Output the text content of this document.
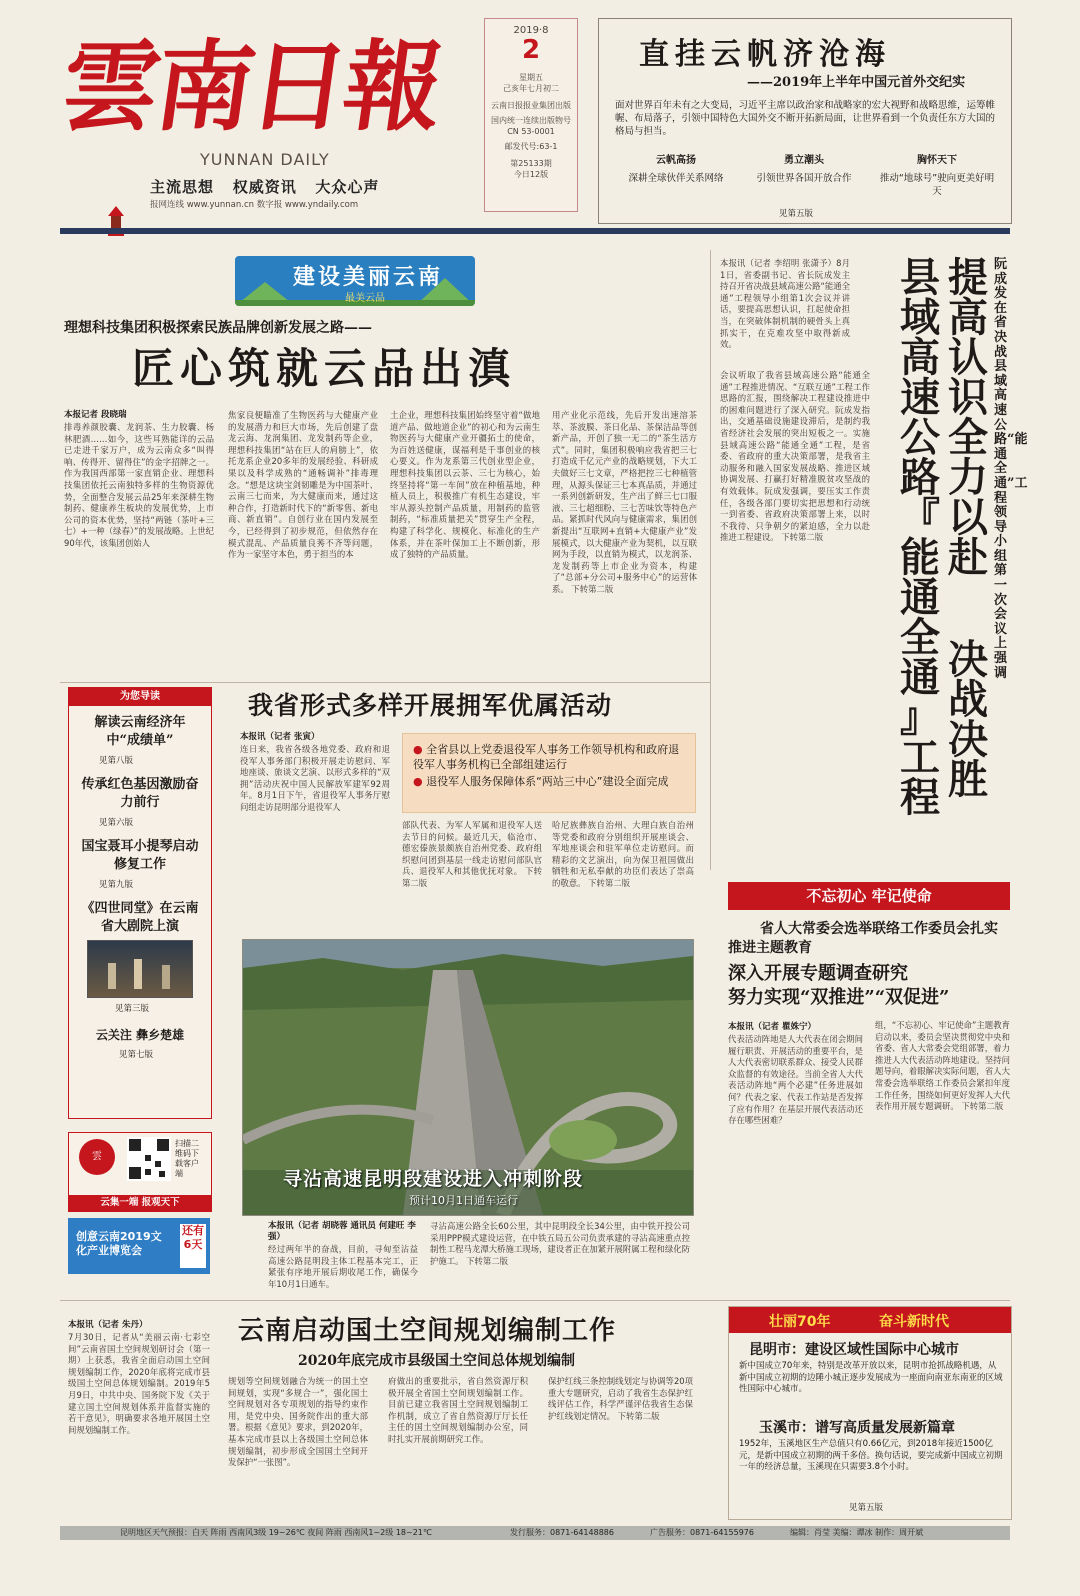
雲南日報
YUNNAN DAILY
主流思想 权威资讯 大众心声
报网连线 www.yunnan.cn 数字报 www.yndaily.com
2019·8
2
星期五
己亥年七月初二
云南日报报业集团出版
国内统一连续出版物号
CN 53-0001
邮发代号:63-1
第25133期
今日12版
直挂云帆济沧海
——2019年上半年中国元首外交纪实
面对世界百年未有之大变局，习近平主席以政治家和战略家的宏大视野和战略思维，运筹帷幄、布局落子，引领中国特色大国外交不断开拓新局面，让世界看到一个负责任东方大国的格局与担当。
云帆高扬
深耕全球伙伴关系网络
勇立潮头
引领世界各国开放合作
胸怀天下
推动“地球号”驶向更美好明天
见第五版
建设美丽云南
最美云品
理想科技集团积极探索民族品牌创新发展之路——
匠心筑就云品出滇
本报记者 段晓瑞
排毒养颜胶囊、龙润茶、生力胶囊、杨林肥酒……如今，这些耳熟能详的云品已走进千家万户，成为云南众多“叫得响、传得开、留得住”的金字招牌之一。作为我国西部第一家直销企业、理想科技集团依托云南独特多样的生物资源优势，全面整合发展云品25年来深耕生物制药、健康养生板块的发展优势，上市公司的资本优势，坚持“两链（茶叶+三七）+一种（绿春）”的发展战略。上世纪90年代，该集团创始人
焦家良便瞄准了生物医药与大健康产业的发展潜力和巨大市场，先后创建了盘龙云海、龙润集团、龙发制药等企业，理想科技集团“站在巨人的肩膀上”，依托龙系企业20多年的发展经验、科研成果以及科学成熟的“通畅调补”排毒理念。“想是这块宝剑韧雕是为中国茶叶、云南三七而来，为大健康而来，通过这种合作，打造新时代下的“新零售、新电商、新直销”。自创行业在国内发展至今，已经得到了初步规范，但依然存在模式混乱、产品质量良莠不齐等问题，作为一家坚守本色，勇于担当的本
土企业，理想科技集团始终坚守着“做地道产品、做地道企业”的初心和为云南生物医药与大健康产业开疆拓土的使命，为百姓送健康，谋福利是千事创业的核心要义。作为龙系第三代创业型企业，理想科技集团以云茶、三七为核心，始终坚持将“第一车间”放在种植基地，种植人员上，积极推广有机生态建设，牢牢从源头控制产品质量，用制药的监管制药，“标准质量把关”贯穿生产全程，构建了科学化、规模化、标准化的生产体系，并在茶叶保加工上不断创新，形成了独特的产品质量。
用产业化示范线，先后开发出速溶茶萃、茶波膜、茶日化品、茶保洁品等创新产品，开创了独一无二的“茶生活方式”。同时，集团积极响应我省把三七打造成千亿元产业的战略规划，下大工夫做好三七文章，严格把控三七种植管理，从源头保证三七本真品质，并通过一系列创新研发，生产出了鲜三七口服液、三七超细粉、三七苦味饮等特色产品。紧抓时代风向与健康需求，集团创新提出“互联网+直销+大健康产业”发展模式，以大健康产业为契机，以互联网为手段，以直销为模式，以龙润茶、龙发制药等上市企业为资本，构建了“总部+分公司+服务中心”的运营体系。 下转第二版
本报讯（记者 李绍明 张潇予）8月1日，省委副书记、省长阮成发主持召开省决战县域高速公路“能通全通”工程领导小组第1次会议并讲话，要提高思想认识，扛起使命担当，在突破体制机制的硬骨头上真抓实干，在克难攻坚中取得新成效。
会议听取了我省县域高速公路“能通全通”工程推进情况、“互联互通”工程工作思路的汇报，围绕解决工程建设推进中的困难问题进行了深入研究。阮成发指出，交通基础设施建设滞后，是制约我省经济社会发展的突出短板之一。实施县域高速公路“能通全通”工程，是省委、省政府的重大决策部署，是我省主动服务和融入国家发展战略、推进区域协调发展、打赢打好精准脱贫攻坚战的有效载体。阮成发强调，要压实工作责任，各级各部门要切实把思想和行动统一到省委、省政府决策部署上来，以时不我待、只争朝夕的紧迫感，全力以赴推进工程建设。 下转第二版
阮成发在省决战县域高速公路“能通全通”工程领导小组第一次会议上强调
提
高
认
识
全
力
以
赴
县
域
高
速
公
路
『
能
通
全
通
』
工
程
决
战
决
胜
为您导读
解读云南经济年中“成绩单”
见第八版
传承红色基因激励奋力前行
见第六版
国宝聂耳小提琴启动修复工作
见第九版
《四世同堂》在云南省大剧院上演
见第三版
云关注 彝乡楚雄
见第七版
雲
扫描二维码下载客户端
云集一端 报观天下
创意云南2019文化产业博览会
还有6天
我省形式多样开展拥军优属活动
本报讯（记者 张寅）
连日来，我省各级各地党委、政府和退役军人事务部门积极开展走访慰问、军地座谈、旅谈文艺演、以形式多样的“双拥”活动庆祝中国人民解放军建军92周年。8月1日下午，省退役军人事务厅慰问组走访昆明部分退役军人
● 全省县以上党委退役军人事务工作领导机构和政府退役军人事务机构已全部组建运行
● 退役军人服务保障体系“两站三中心”建设全面完成
部队代表、为军人军属和退役军人送去节日的问候。最近几天，临沧市、德宏傣族景颇族自治州党委、政府组织慰问团到基层一线走访慰问部队官兵、退役军人和其他优抚对象。 下转第二版
哈尼族彝族自治州、大理白族自治州等党委和政府分别组织开展座谈会、军地座谈会和驻军单位走访慰问。而精彩的文艺演出，向为保卫祖国做出牺牲和无私奉献的功臣们表达了崇高的敬意。 下转第二版
寻沾高速昆明段建设进入冲刺阶段
预计10月1日通车运行
本报讯（记者 胡晓蓉 通讯员 何建旺 李强）
经过两年半的奋战，目前，寻甸至沾益高速公路昆明段主体工程基本完工，正紧张有序地开展后期收尾工作，确保今年10月1日通车。
寻沾高速公路全长60公里，其中昆明段全长34公里，由中铁开投公司采用PPP模式建设运营，在中铁五局五公司负责承建的寻沾高速重点控制性工程马龙潭大桥施工现场，建设者正在加紧开展附属工程和绿化防护施工。 下转第二版
不忘初心 牢记使命
省人大常委会选举联络工作委员会扎实推进主题教育
深入开展专题调查研究
努力实现“双推进”“双促进”
本报讯（记者 瞿姝宁）
代表活动阵地是人大代表在闭会期间履行职责、开展活动的重要平台，是人大代表密切联系群众、接受人民群众监督的有效途径。当前全省人大代表活动阵地“两个必建”任务进展如何？代表之家、代表工作站是否发挥了应有作用？在基层开展代表活动还存在哪些困难？
组，“不忘初心、牢记使命”主题教育启动以来，委员会坚决贯彻党中央和省委、省人大常委会党组部署，着力推进人大代表活动阵地建设。坚持问题导向，着眼解决实际问题，省人大常委会选举联络工作委员会紧扣年度工作任务，围绕如何更好发挥人大代表作用开展专题调研。 下转第二版
云南启动国土空间规划编制工作
2020年底完成市县级国土空间总体规划编制
本报讯（记者 朱丹）
7月30日，记者从“美丽云南·七彩空间”云南省国土空间规划研讨会（第一期）上获悉，我省全面启动国土空间规划编制工作，2020年底将完成市县级国土空间总体规划编制。2019年5月9日，中共中央、国务院下发《关于建立国土空间规划体系并监督实施的若干意见》，明确要求各地开展国土空间规划编制工作。
规划等空间规划融合为统一的国土空间规划，实现“多规合一”，强化国土空间规划对各专项规划的指导约束作用，是党中央、国务院作出的重大部署。根据《意见》要求，到2020年，基本完成市县以上各级国土空间总体规划编制，初步形成全国国土空间开发保护“一张图”。
府做出的重要批示，省自然资源厅积极开展全省国土空间规划编制工作。目前已建立我省国土空间规划编制工作机制，成立了省自然资源厅厅长任主任的国土空间规划编制办公室，同时扎实开展前期研究工作。
保护红线三条控制线划定与协调等20项重大专题研究，启动了我省生态保护红线评估工作，科学严谨评估我省生态保护红线划定情况。 下转第二版
壮丽70年	奋斗新时代
昆明市：建设区域性国际中心城市
新中国成立70年来，特别是改革开放以来，昆明市抢抓战略机遇，从新中国成立初期的边陲小城正逐步发展成为一座面向南亚东南亚的区域性国际中心城市。
玉溪市：谱写高质量发展新篇章
1952年，玉溪地区生产总值只有0.66亿元，到2018年接近1500亿元，是新中国成立初期的两千多倍。换句话说，要完成新中国成立初期一年的经济总量，玉溪现在只需要3.8个小时。
见第五版
昆明地区天气预报：白天 阵雨 西南风3级 19~26℃ 夜间 阵雨 西南风1~2级 18~21℃	发行服务：0871-64148886	广告服务：0871-64155976	编辑：肖莹 美编：谭冰 制作：周开斌
